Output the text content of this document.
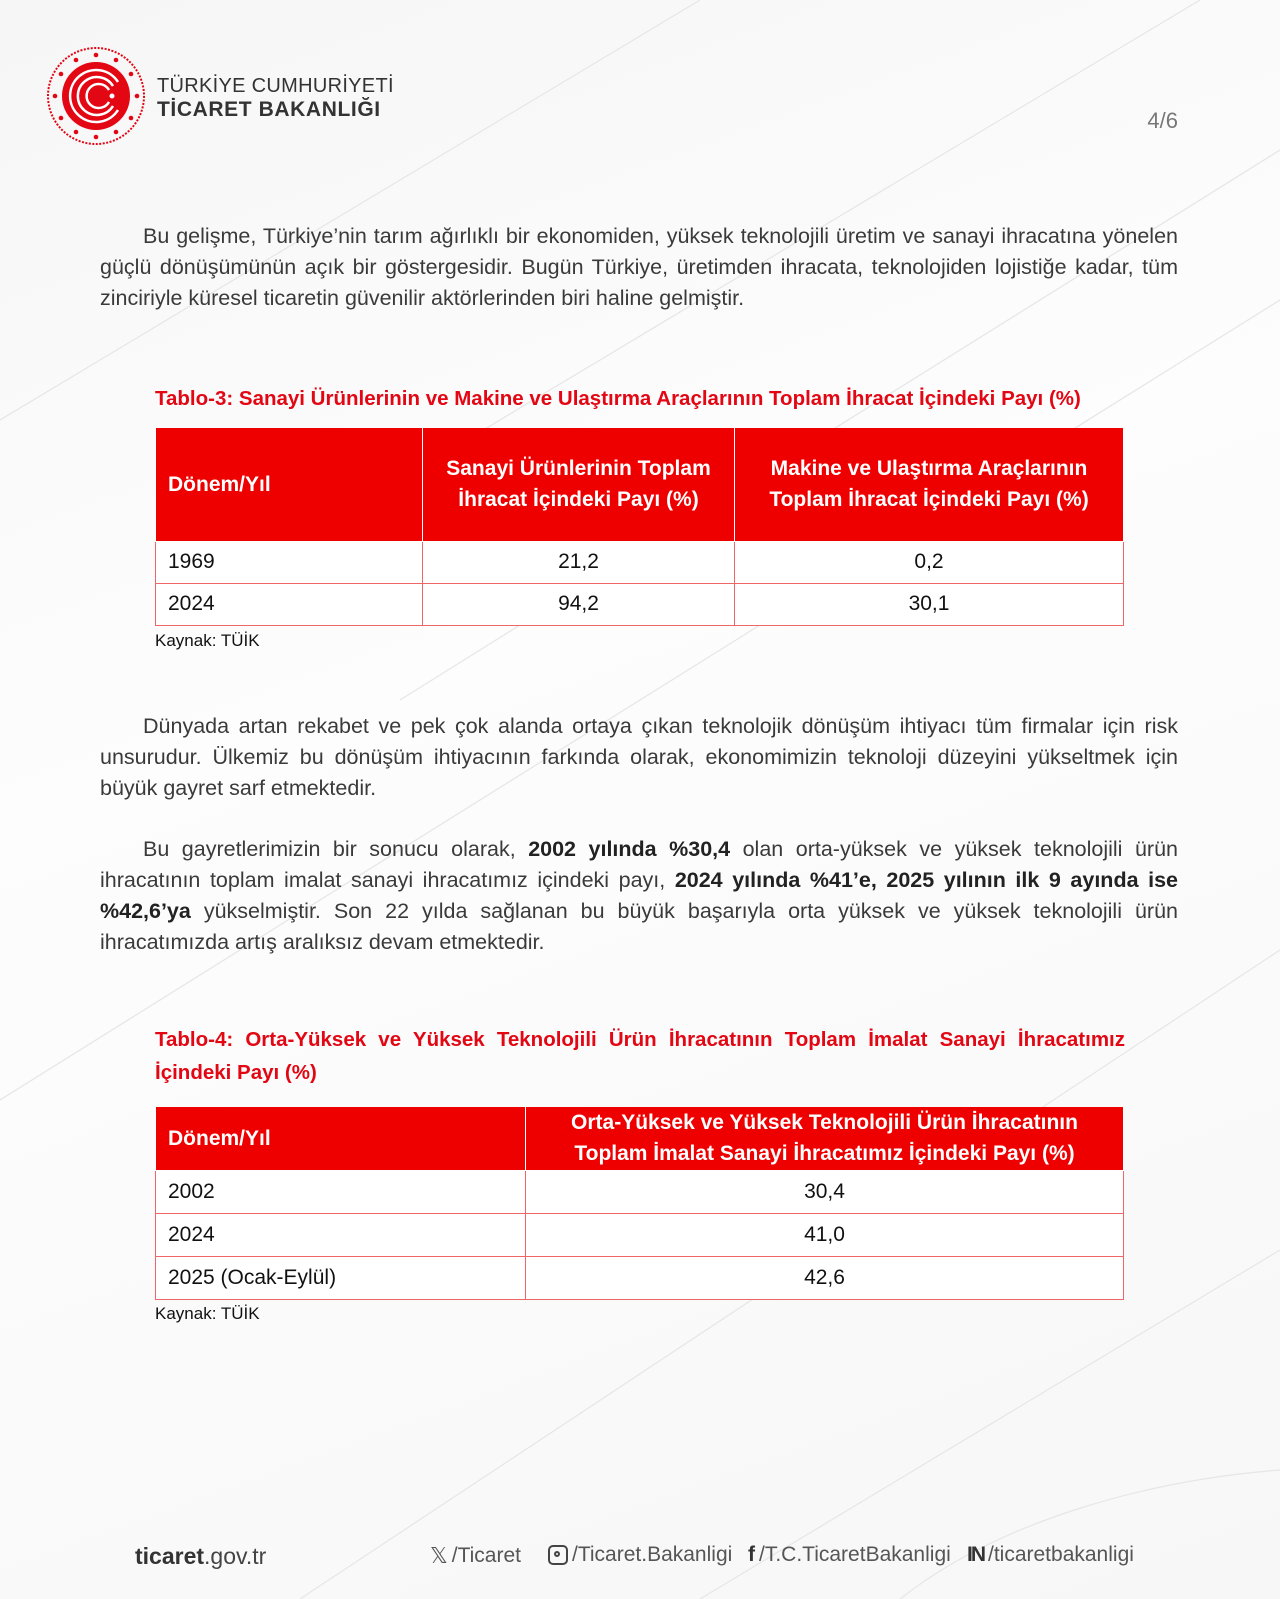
TÜRKİYE CUMHURİYETİ
TİCARET BAKANLIĞI	4/6
Bu gelişme, Türkiye’nin tarım ağırlıklı bir ekonomiden, yüksek teknolojili üretim ve sanayi ihracatına yönelen güçlü dönüşümünün açık bir göstergesidir. Bugün Türkiye, üretimden ihracata, teknolojiden lojistiğe kadar, tüm zinciriyle küresel ticaretin güvenilir aktörlerinden biri haline gelmiştir.
Tablo-3: Sanayi Ürünlerinin ve Makine ve Ulaştırma Araçlarının Toplam İhracat İçindeki Payı (%)
Dönem/Yıl	Sanayi Ürünlerinin Toplam İhracat İçindeki Payı (%)	Makine ve Ulaştırma Araçlarının Toplam İhracat İçindeki Payı (%)
1969	21,2	0,2
2024	94,2	30,1
Kaynak: TÜİK
Dünyada artan rekabet ve pek çok alanda ortaya çıkan teknolojik dönüşüm ihtiyacı tüm firmalar için risk unsurudur. Ülkemiz bu dönüşüm ihtiyacının farkında olarak, ekonomimizin teknoloji düzeyini yükseltmek için büyük gayret sarf etmektedir.
Bu gayretlerimizin bir sonucu olarak, 2002 yılında %30,4 olan orta-yüksek ve yüksek teknolojili ürün ihracatının toplam imalat sanayi ihracatımız içindeki payı, 2024 yılında %41’e, 2025 yılının ilk 9 ayında ise %42,6’ya yükselmiştir. Son 22 yılda sağlanan bu büyük başarıyla orta yüksek ve yüksek teknolojili ürün ihracatımızda artış aralıksız devam etmektedir.
Tablo-4: Orta-Yüksek ve Yüksek Teknolojili Ürün İhracatının Toplam İmalat Sanayi İhracatımız İçindeki Payı (%)
Dönem/Yıl	Orta-Yüksek ve Yüksek Teknolojili Ürün İhracatının Toplam İmalat Sanayi İhracatımız İçindeki Payı (%)
2002	30,4
2024	41,0
2025 (Ocak-Eylül)	42,6
Kaynak: TÜİK
ticaret.gov.tr	𝕏 /Ticaret /Ticaret.Bakanligi f /T.C.TicaretBakanligi IN /ticaretbakanligi
